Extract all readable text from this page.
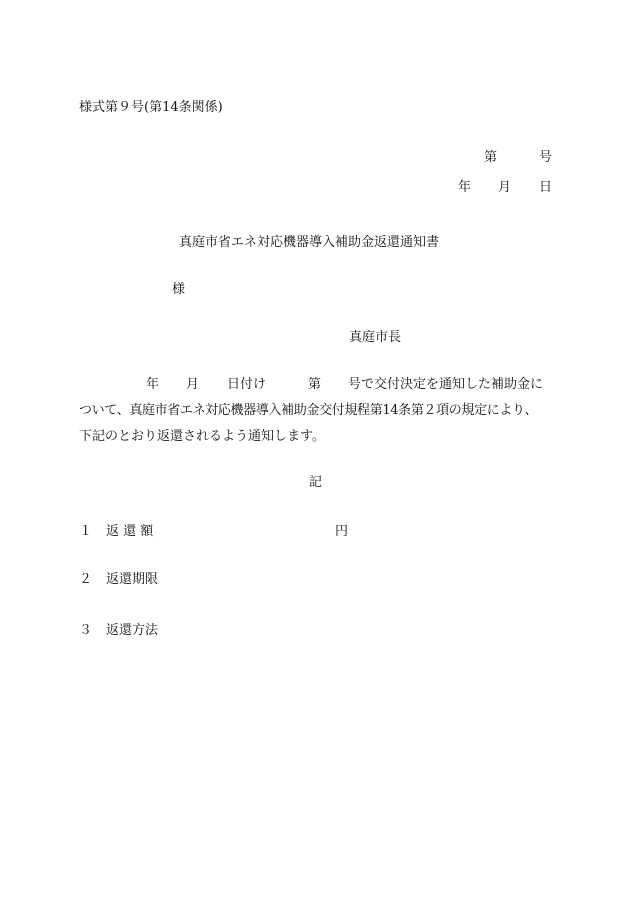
様式第９号(第14条関係)
第	号
年 月 日
真庭市省エネ対応機器導入補助金返還通知書
様
真庭市長
年 月 日付け	第 号で交付決定を通知した補助金に
ついて、真庭市省エネ対応機器導入補助金交付規程第14条第２項の規定により、
下記のとおり返還されるよう通知します。
記
１ 返 還 額	円
２ 返還期限
３ 返還方法
